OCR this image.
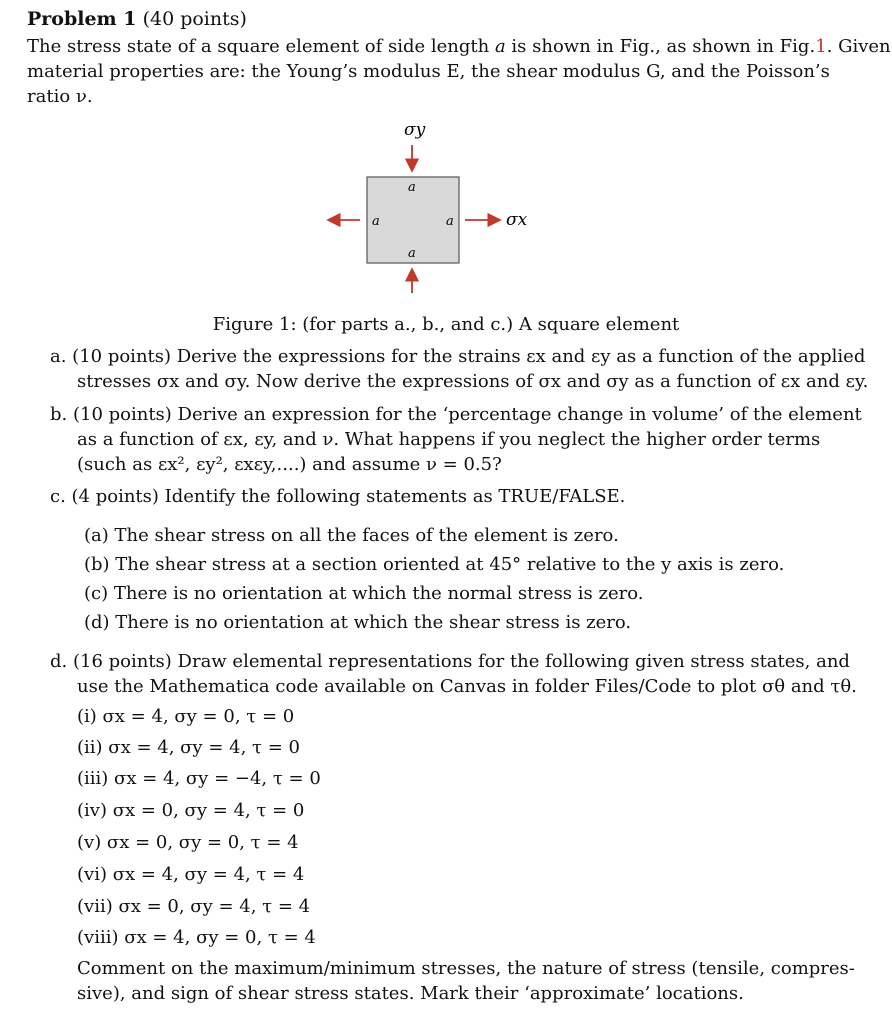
Problem 1 (40 points)
The stress state of a square element of side length a is shown in Fig., as shown in Fig.1. Given
material properties are: the Young’s modulus E, the shear modulus G, and the Poisson’s
ratio ν.
σy
σx
a
a	a
a
Figure 1: (for parts a., b., and c.) A square element
a. (10 points) Derive the expressions for the strains εx and εy as a function of the applied
stresses σx and σy. Now derive the expressions of σx and σy as a function of εx and εy.
b. (10 points) Derive an expression for the ‘percentage change in volume’ of the element
as a function of εx, εy, and ν. What happens if you neglect the higher order terms
(such as εx², εy², εxεy,....) and assume ν = 0.5?
c. (4 points) Identify the following statements as TRUE/FALSE.
(a) The shear stress on all the faces of the element is zero.
(b) The shear stress at a section oriented at 45° relative to the y axis is zero.
(c) There is no orientation at which the normal stress is zero.
(d) There is no orientation at which the shear stress is zero.
d. (16 points) Draw elemental representations for the following given stress states, and
use the Mathematica code available on Canvas in folder Files/Code to plot σθ and τθ.
(i) σx = 4, σy = 0, τ = 0
(ii) σx = 4, σy = 4, τ = 0
(iii) σx = 4, σy = −4, τ = 0
(iv) σx = 0, σy = 4, τ = 0
(v) σx = 0, σy = 0, τ = 4
(vi) σx = 4, σy = 4, τ = 4
(vii) σx = 0, σy = 4, τ = 4
(viii) σx = 4, σy = 0, τ = 4
Comment on the maximum/minimum stresses, the nature of stress (tensile, compres-
sive), and sign of shear stress states. Mark their ‘approximate’ locations.
